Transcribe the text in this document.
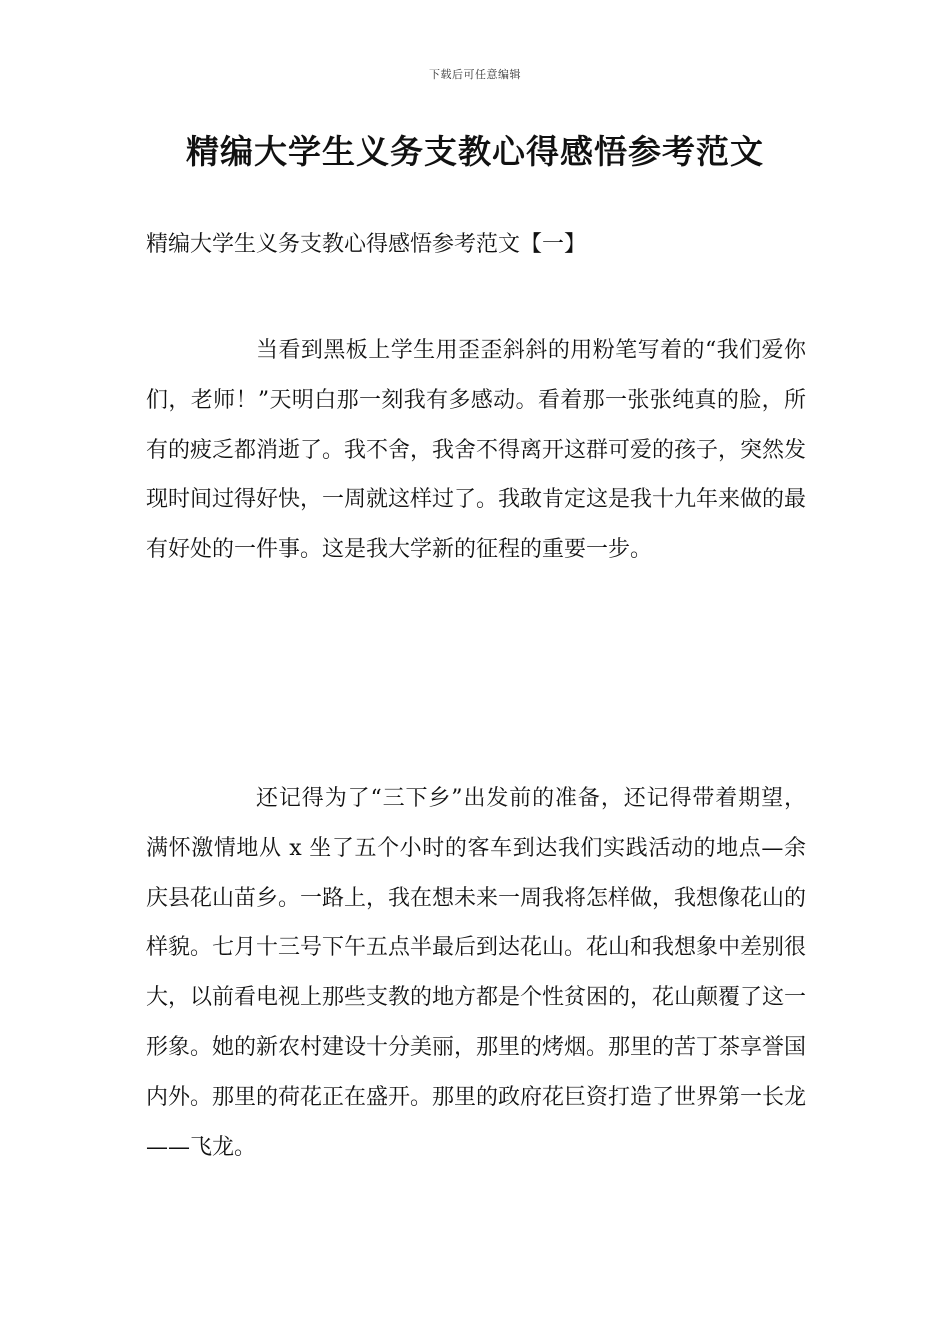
下载后可任意编辑
精编大学生义务支教心得感悟参考范文

精编大学生义务支教心得感悟参考范文【一】

当看到黑板上学生用歪歪斜斜的用粉笔写着的“我们爱你们，老师！”天明白那一刻我有多感动。看着那一张张纯真的脸，所有的疲乏都消逝了。我不舍，我舍不得离开这群可爱的孩子，突然发现时间过得好快，一周就这样过了。我敢肯定这是我十九年来做的最有好处的一件事。这是我大学新的征程的重要一步。

还记得为了“三下乡”出发前的准备，还记得带着期望，满怀激情地从 x 坐了五个小时的客车到达我们实践活动的地点—余庆县花山苗乡。一路上，我在想未来一周我将怎样做，我想像花山的样貌。七月十三号下午五点半最后到达花山。花山和我想象中差别很大，以前看电视上那些支教的地方都是个性贫困的，花山颠覆了这一形象。她的新农村建设十分美丽，那里的烤烟。那里的苦丁茶享誉国内外。那里的荷花正在盛开。那里的政府花巨资打造了世界第一长龙——飞龙。
